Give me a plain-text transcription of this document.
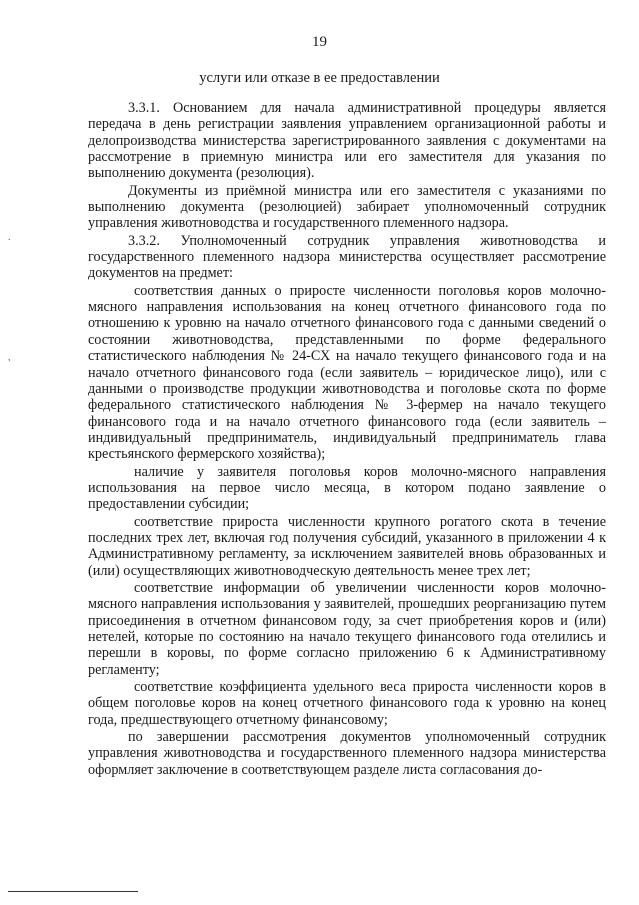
19
услуги или отказе в ее предоставлении
.
,

3.3.1. Основанием для начала административной процедуры является передача в день регистрации заявления управлением организационной работы и делопроизводства министерства зарегистрированного заявления с документами на рассмотрение в приемную министра или его заместителя для указания по выполнению документа (резолюция).

Документы из приёмной министра или его заместителя с указаниями по выполнению документа (резолюцией) забирает уполномоченный сотрудник управления животноводства и государственного племенного надзора.

3.3.2. Уполномоченный сотрудник управления животноводства и государственного племенного надзора министерства осуществляет рассмотрение документов на предмет:

соответствия данных о приросте численности поголовья коров молочно-мясного направления использования на конец отчетного финансового года по отношению к уровню на начало отчетного финансового года с данными сведений о состоянии животноводства, представленными по форме федерального статистического наблюдения № 24-СХ на начало текущего финансового года и на начало отчетного финансового года (если заявитель – юридическое лицо), или с данными о производстве продукции животноводства и поголовье скота по форме федерального статистического наблюдения № 3-фермер на начало текущего финансового года и на начало отчетного финансового года (если заявитель – индивидуальный предприниматель, индивидуальный предприниматель глава крестьянского фермерского хозяйства);

наличие у заявителя поголовья коров молочно-мясного направления использования на первое число месяца, в котором подано заявление о предоставлении субсидии;

соответствие прироста численности крупного рогатого скота в течение последних трех лет, включая год получения субсидий, указанного в приложении 4 к Административному регламенту, за исключением заявителей вновь образованных и (или) осуществляющих животноводческую деятельность менее трех лет;

соответствие информации об увеличении численности коров молочно-мясного направления использования у заявителей, прошедших реорганизацию путем присоединения в отчетном финансовом году, за счет приобретения коров и (или) нетелей, которые по состоянию на начало текущего финансового года отелились и перешли в коровы, по форме согласно приложению 6 к Административному регламенту;

соответствие коэффициента удельного веса прироста численности коров в общем поголовье коров на конец отчетного финансового года к уровню на конец года, предшествующего отчетному финансовому;

по завершении рассмотрения документов уполномоченный сотрудник управления животноводства и государственного племенного надзора министерства оформляет заключение в соответствующем разделе листа согласования до-
